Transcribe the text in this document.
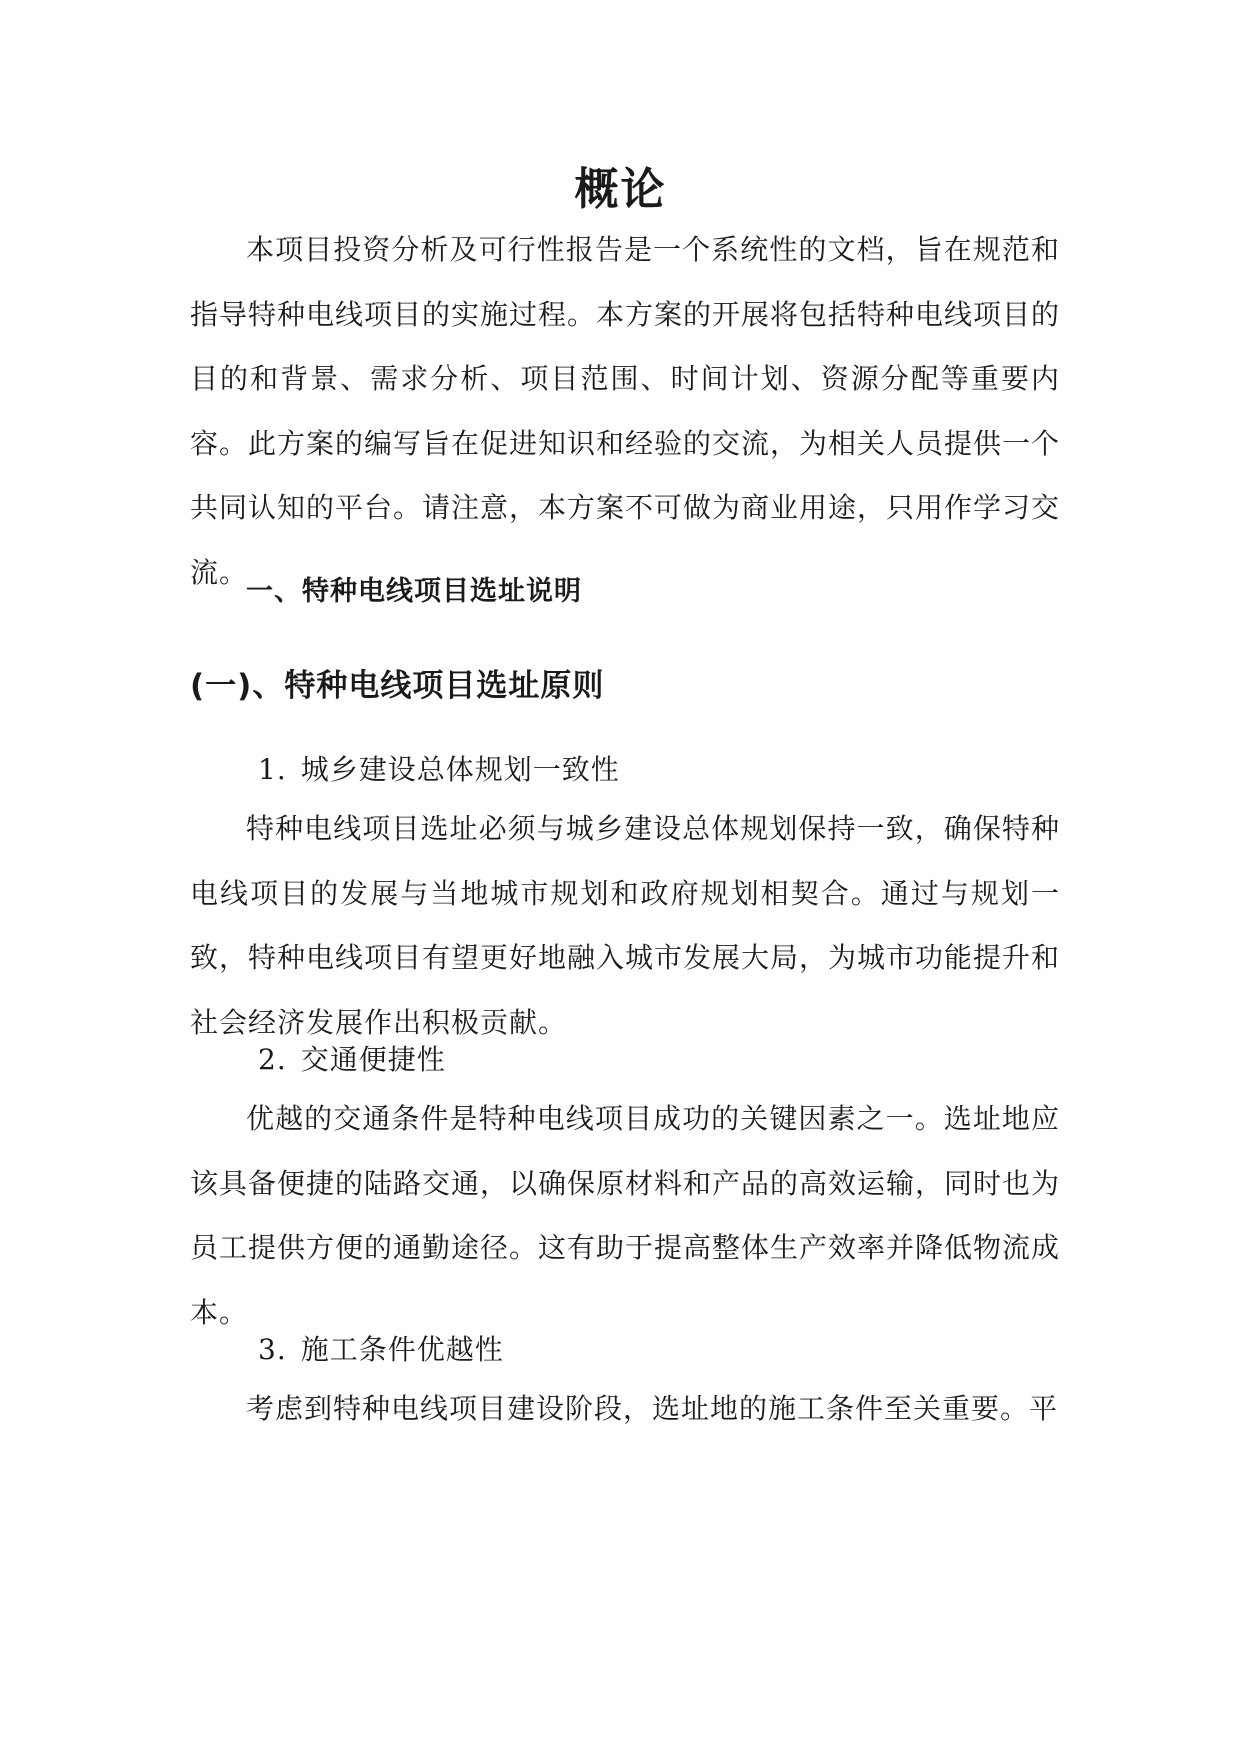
概论

本项目投资分析及可行性报告是一个系统性的文档，旨在规范和指导特种电线项目的实施过程。本方案的开展将包括特种电线项目的目的和背景、需求分析、项目范围、时间计划、资源分配等重要内容。此方案的编写旨在促进知识和经验的交流，为相关人员提供一个共同认知的平台。请注意，本方案不可做为商业用途，只用作学习交流。

一、特种电线项目选址说明
(一)、特种电线项目选址原则
1. 城乡建设总体规划一致性

特种电线项目选址必须与城乡建设总体规划保持一致，确保特种电线项目的发展与当地城市规划和政府规划相契合。通过与规划一致，特种电线项目有望更好地融入城市发展大局，为城市功能提升和社会经济发展作出积极贡献。

2. 交通便捷性

优越的交通条件是特种电线项目成功的关键因素之一。选址地应该具备便捷的陆路交通，以确保原材料和产品的高效运输，同时也为员工提供方便的通勤途径。这有助于提高整体生产效率并降低物流成本。

3. 施工条件优越性

考虑到特种电线项目建设阶段，选址地的施工条件至关重要。平
